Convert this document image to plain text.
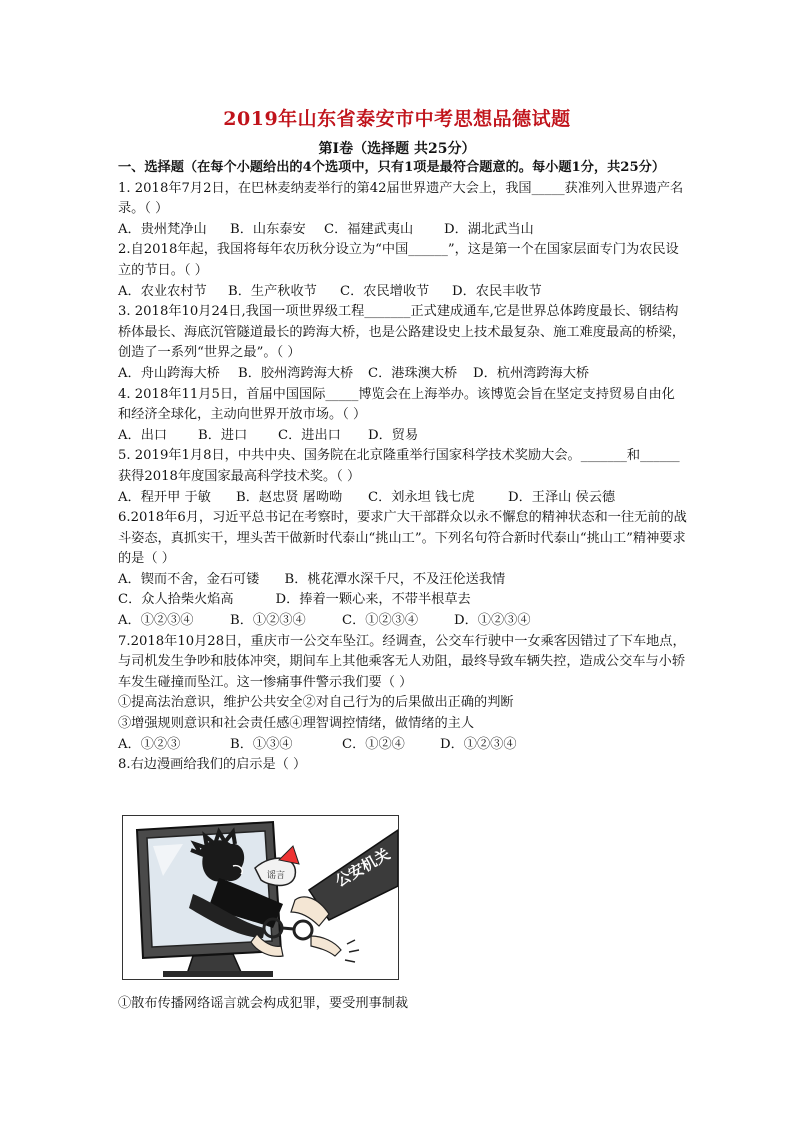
2019年山东省泰安市中考思想品德试题
第Ⅰ卷（选择题 共25分）
一、选择题（在每个小题给出的4个选项中，只有1项是最符合题意的。每小题1分，共25分）
1. 2018年7月2日，在巴林麦纳麦举行的第42届世界遗产大会上，我国_____获准列入世界遗产名录。（ ）
A．贵州梵净山	B．山东泰安	C．福建武夷山	D．湖北武当山
2.自2018年起，我国将每年农历秋分设立为“中国______”，这是第一个在国家层面专门为农民设立的节日。（ ）
A．农业农村节	B．生产秋收节	C．农民增收节	D．农民丰收节
3. 2018年10月24日,我国一项世界级工程_______正式建成通车,它是世界总体跨度最长、钢结构桥体最长、海底沉管隧道最长的跨海大桥，也是公路建设史上技术最复杂、施工难度最高的桥梁，创造了一系列“世界之最”。（ ）
A．舟山跨海大桥	B．胶州湾跨海大桥	C．港珠澳大桥	D．杭州湾跨海大桥
4. 2018年11月5日，首届中国国际_____博览会在上海举办。该博览会旨在坚定支持贸易自由化和经济全球化，主动向世界开放市场。（ ）
A．出口	B．进口	C．进出口	D．贸易
5. 2019年1月8日，中共中央、国务院在北京隆重举行国家科学技术奖励大会。_______和______获得2018年度国家最高科学技术奖。（ ）
A．程开甲 于敏	B．赵忠贤 屠呦呦	C．刘永坦 钱七虎	D．王泽山 侯云德
6.2018年6月，习近平总书记在考察时，要求广大干部群众以永不懈怠的精神状态和一往无前的战斗姿态，真抓实干，埋头苦干做新时代泰山“挑山工”。下列名句符合新时代泰山“挑山工”精神要求的是（ ）
A．锲而不舍，金石可镂      B．桃花潭水深千尺，不及汪伦送我情
C．众人拾柴火焰高          D．捧着一颗心来，不带半根草去
A．①②③④	B．①②③④	C．①②③④	D．①②③④
7.2018年10月28日，重庆市一公交车坠江。经调查，公交车行驶中一女乘客因错过了下车地点，与司机发生争吵和肢体冲突，期间车上其他乘客无人劝阻，最终导致车辆失控，造成公交车与小轿车发生碰撞而坠江。这一惨痛事件警示我们要（ ）
①提高法治意识，维护公共安全②对自己行为的后果做出正确的判断
③增强规则意识和社会责任感④理智调控情绪，做情绪的主人
A．①②③	B．①③④	C．①②④	D．①②③④
8.右边漫画给我们的启示是（ ）
谣言	公安机关
①散布传播网络谣言就会构成犯罪，要受刑事制裁
